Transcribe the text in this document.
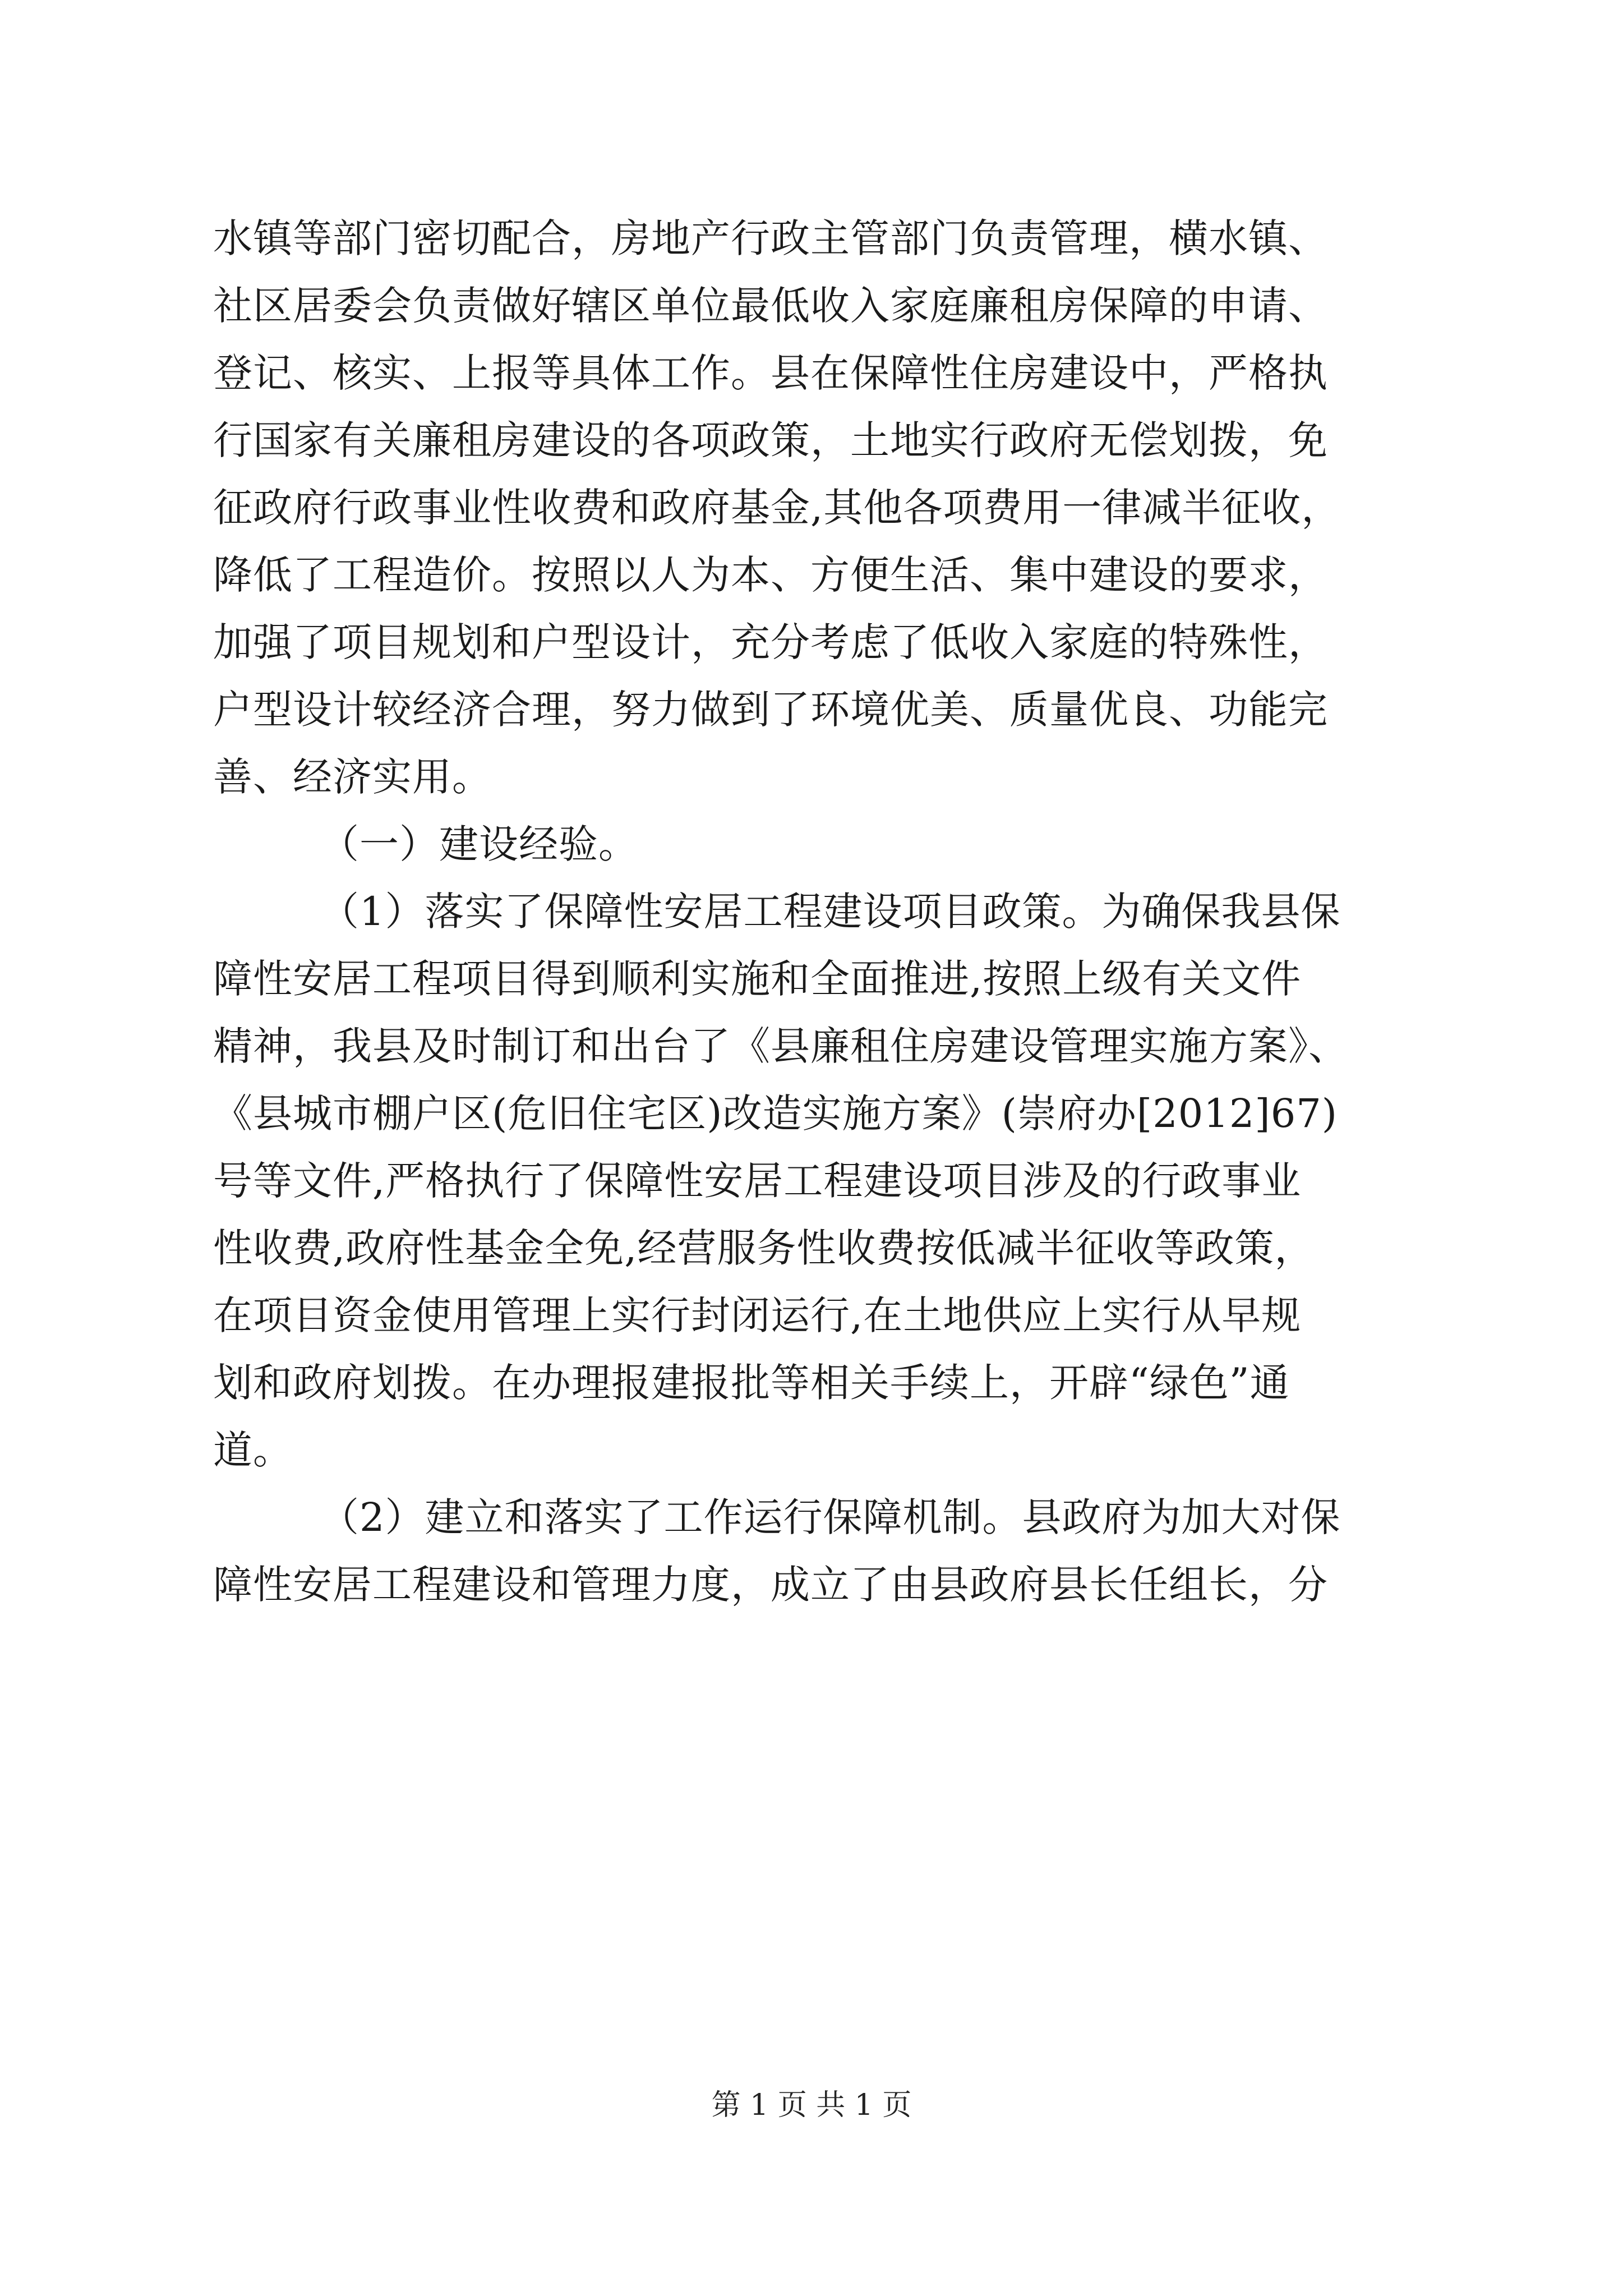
水镇等部门密切配合，房地产行政主管部门负责管理，横水镇、
社区居委会负责做好辖区单位最低收入家庭廉租房保障的申请、
登记、核实、上报等具体工作。县在保障性住房建设中，严格执
行国家有关廉租房建设的各项政策，土地实行政府无偿划拨，免
征政府行政事业性收费和政府基金,其他各项费用一律减半征收，
降低了工程造价。按照以人为本、方便生活、集中建设的要求，
加强了项目规划和户型设计，充分考虑了低收入家庭的特殊性，
户型设计较经济合理，努力做到了环境优美、质量优良、功能完
善、经济实用。
（一）建设经验。
（1）落实了保障性安居工程建设项目政策。为确保我县保
障性安居工程项目得到顺利实施和全面推进,按照上级有关文件
精神，我县及时制订和出台了《县廉租住房建设管理实施方案》、
《县城市棚户区(危旧住宅区)改造实施方案》(崇府办[2012]67)
号等文件,严格执行了保障性安居工程建设项目涉及的行政事业
性收费,政府性基金全免,经营服务性收费按低减半征收等政策，
在项目资金使用管理上实行封闭运行,在土地供应上实行从早规
划和政府划拨。在办理报建报批等相关手续上，开辟“绿色”通
道。
（2）建立和落实了工作运行保障机制。县政府为加大对保
障性安居工程建设和管理力度，成立了由县政府县长任组长，分
第 1 页 共 1 页
